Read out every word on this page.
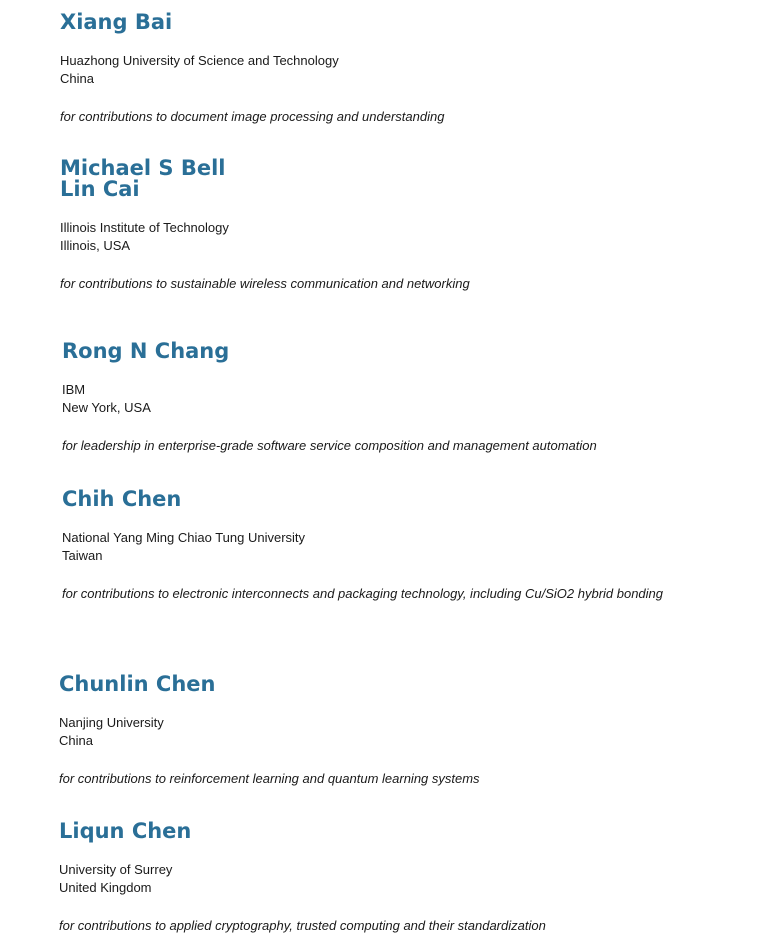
Xiang Bai
Huazhong University of Science and Technology
China
for contributions to document image processing and understanding
Michael S Bell
Lin Cai
Illinois Institute of Technology
Illinois, USA
for contributions to sustainable wireless communication and networking
Rong N Chang
IBM
New York, USA
for leadership in enterprise-grade software service composition and management automation
Chih Chen
National Yang Ming Chiao Tung University
Taiwan
for contributions to electronic interconnects and packaging technology, including Cu/SiO2 hybrid bonding
Chunlin Chen
Nanjing University
China
for contributions to reinforcement learning and quantum learning systems
Liqun Chen
University of Surrey
United Kingdom
for contributions to applied cryptography, trusted computing and their standardization
